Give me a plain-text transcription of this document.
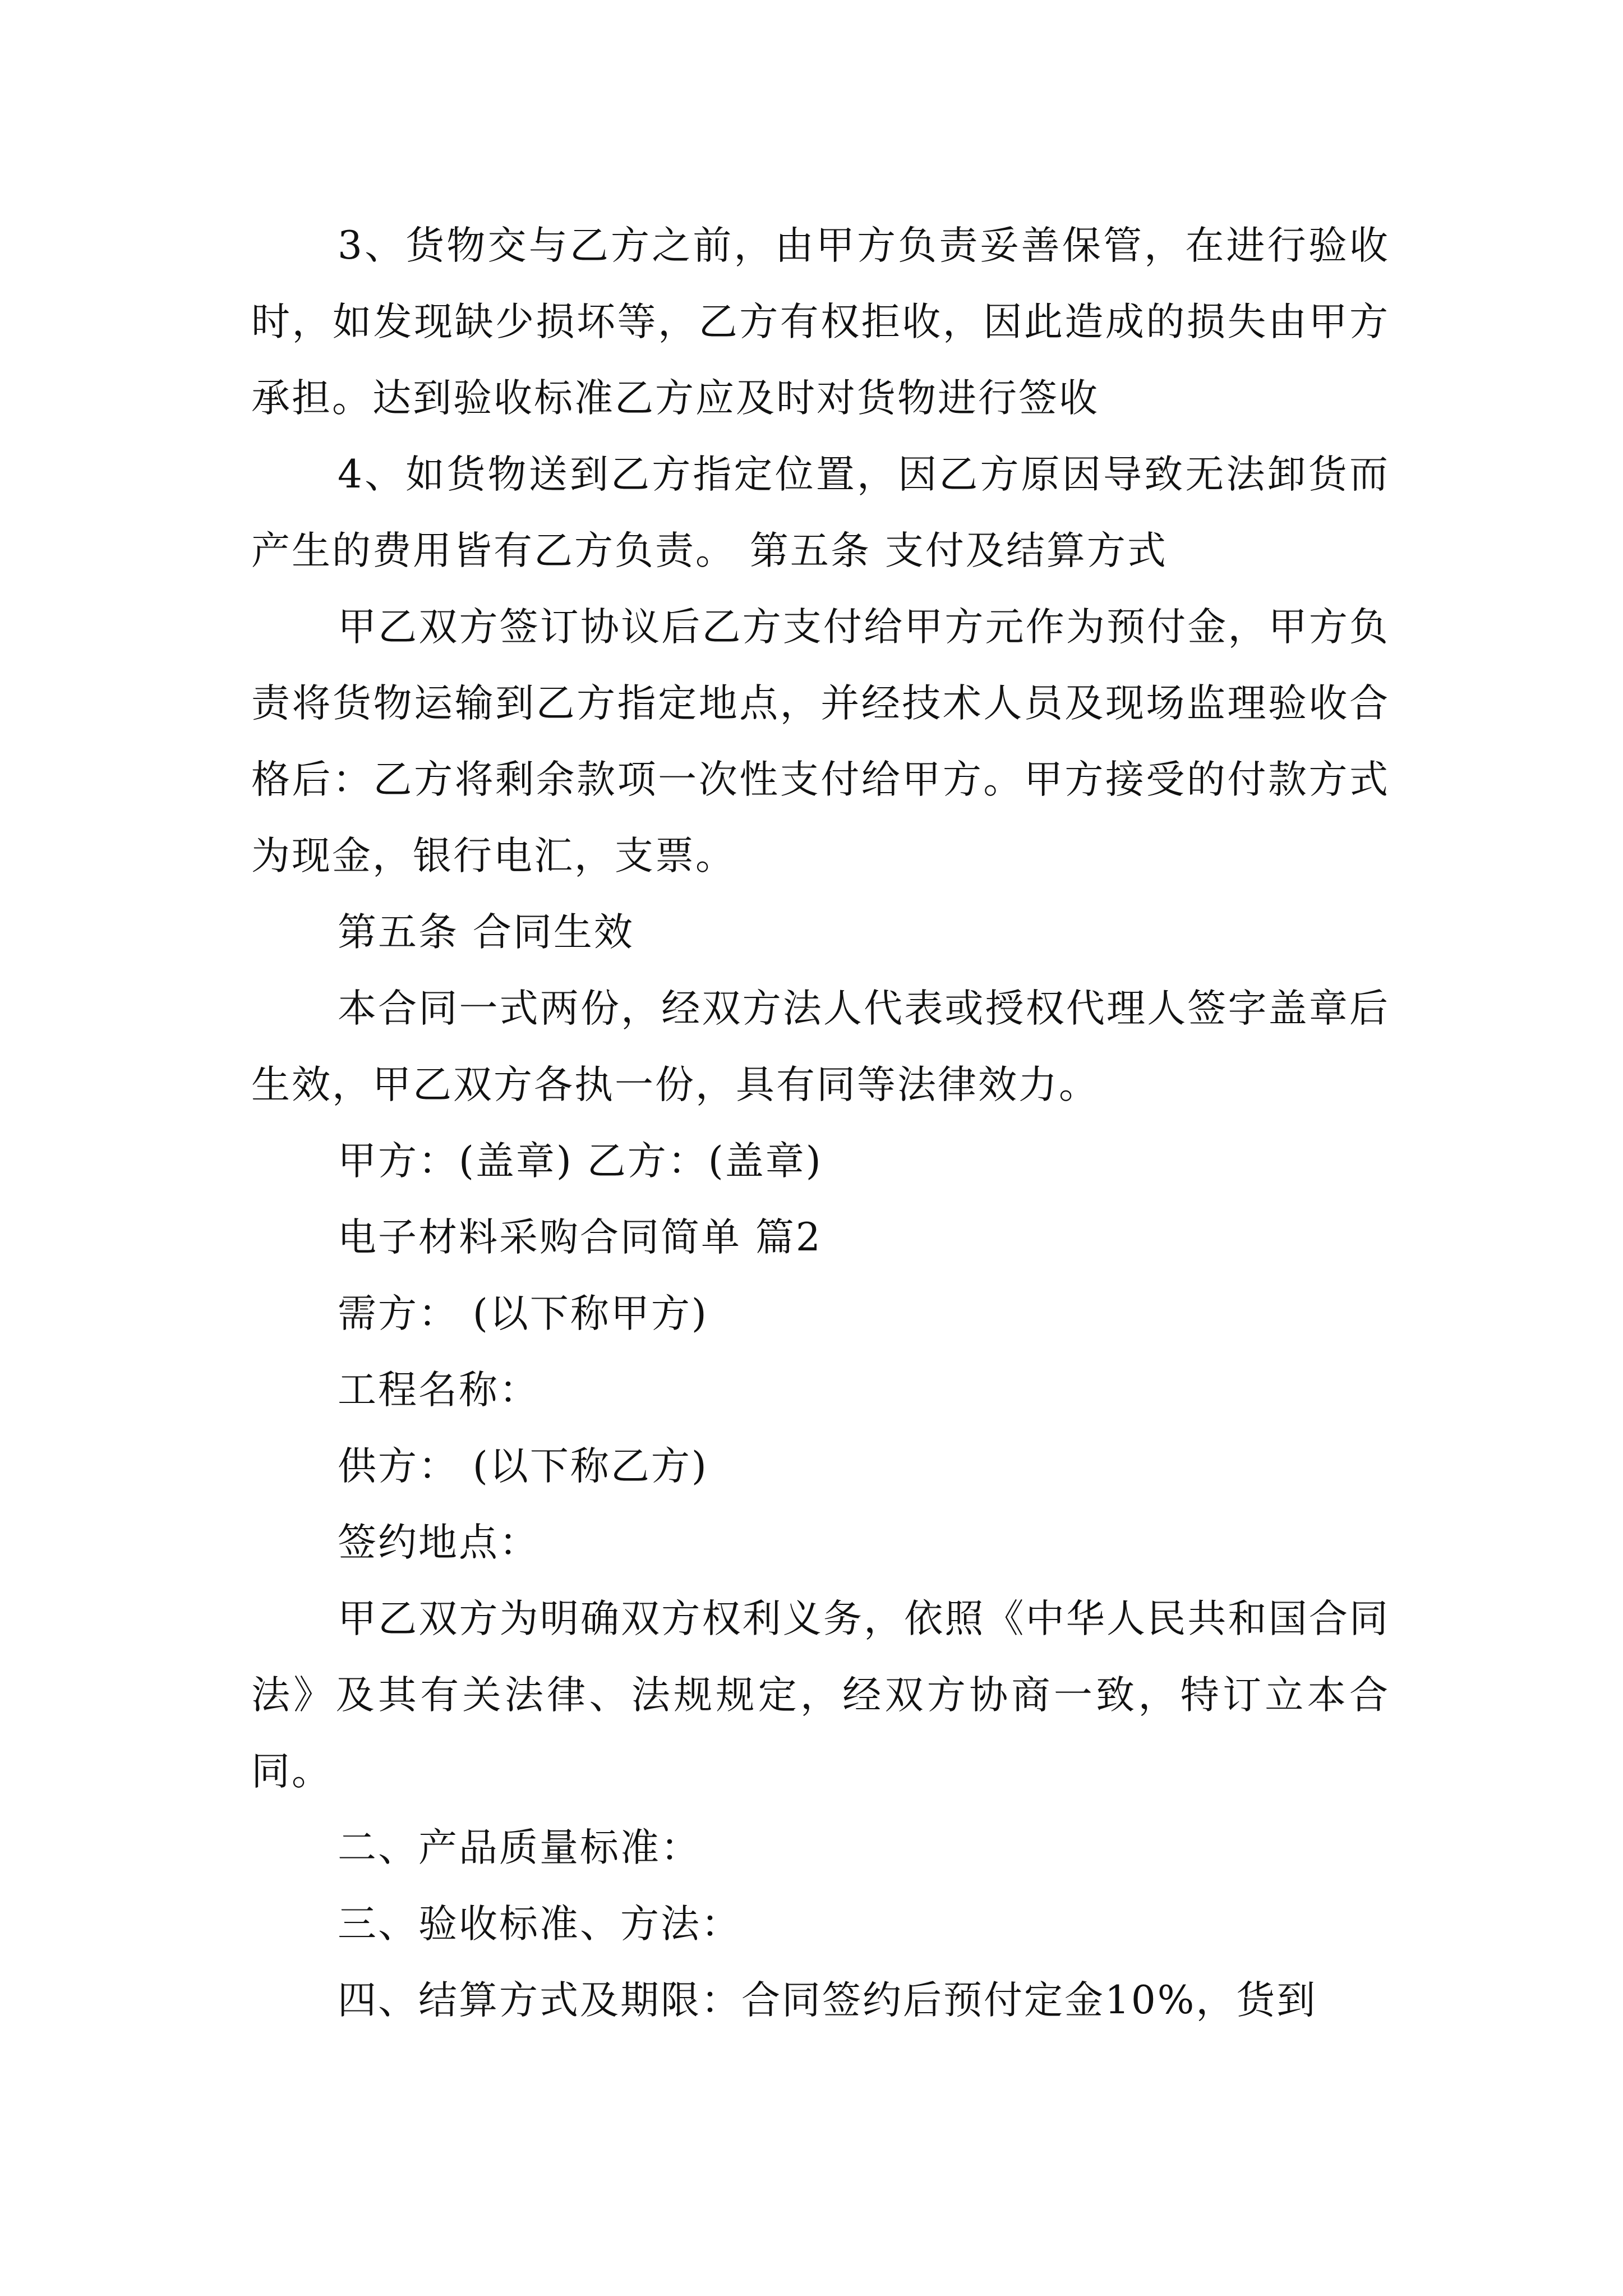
3、货物交与乙方之前，由甲方负责妥善保管，在进行验收时，如发现缺少损坏等，乙方有权拒收，因此造成的损失由甲方承担。达到验收标准乙方应及时对货物进行签收

4、如货物送到乙方指定位置，因乙方原因导致无法卸货而产生的费用皆有乙方负责。 第五条 支付及结算方式

甲乙双方签订协议后乙方支付给甲方元作为预付金，甲方负责将货物运输到乙方指定地点，并经技术人员及现场监理验收合格后：乙方将剩余款项一次性支付给甲方。甲方接受的付款方式为现金，银行电汇，支票。

第五条 合同生效

本合同一式两份，经双方法人代表或授权代理人签字盖章后生效，甲乙双方各执一份，具有同等法律效力。

甲方：(盖章) 乙方：(盖章)

电子材料采购合同简单 篇2

需方： (以下称甲方)

工程名称：

供方： (以下称乙方)

签约地点：

甲乙双方为明确双方权利义务，依照《中华人民共和国合同法》及其有关法律、法规规定，经双方协商一致，特订立本合同。

二、产品质量标准：

三、验收标准、方法：

四、结算方式及期限：合同签约后预付定金10%，货到
